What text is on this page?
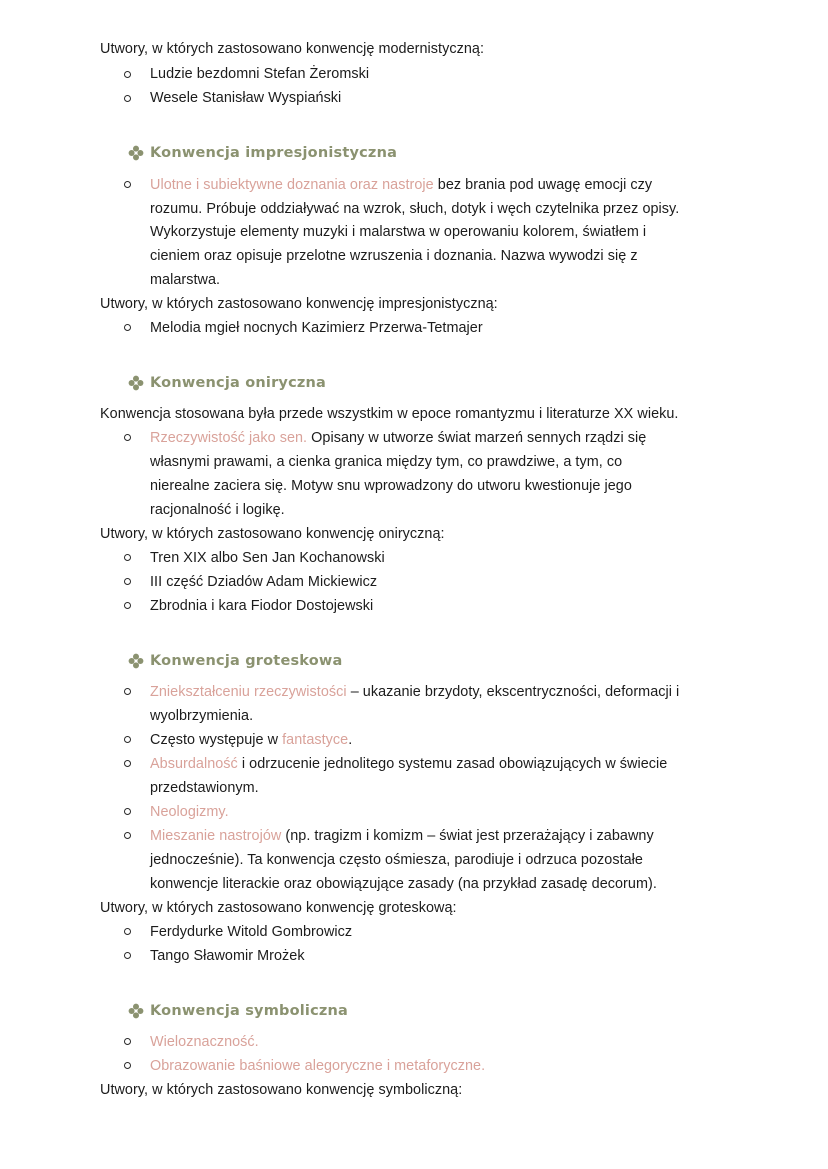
Utwory, w których zastosowano konwencję modernistyczną:
Ludzie bezdomni Stefan Żeromski
Wesele Stanisław Wyspiański
Konwencja impresjonistyczna
Ulotne i subiektywne doznania oraz nastroje bez brania pod uwagę emocji czy
rozumu. Próbuje oddziaływać na wzrok, słuch, dotyk i węch czytelnika przez opisy.
Wykorzystuje elementy muzyki i malarstwa w operowaniu kolorem, światłem i
cieniem oraz opisuje przelotne wzruszenia i doznania. Nazwa wywodzi się z
malarstwa.
Utwory, w których zastosowano konwencję impresjonistyczną:
Melodia mgieł nocnych Kazimierz Przerwa-Tetmajer
Konwencja oniryczna
Konwencja stosowana była przede wszystkim w epoce romantyzmu i literaturze XX wieku.
Rzeczywistość jako sen. Opisany w utworze świat marzeń sennych rządzi się
własnymi prawami, a cienka granica między tym, co prawdziwe, a tym, co
nierealne zaciera się. Motyw snu wprowadzony do utworu kwestionuje jego
racjonalność i logikę.
Utwory, w których zastosowano konwencję oniryczną:
Tren XIX albo Sen Jan Kochanowski
III część Dziadów Adam Mickiewicz
Zbrodnia i kara Fiodor Dostojewski
Konwencja groteskowa
Zniekształceniu rzeczywistości – ukazanie brzydoty, ekscentryczności, deformacji i
wyolbrzymienia.
Często występuje w fantastyce.
Absurdalność i odrzucenie jednolitego systemu zasad obowiązujących w świecie
przedstawionym.
Neologizmy.
Mieszanie nastrojów (np. tragizm i komizm – świat jest przerażający i zabawny
jednocześnie). Ta konwencja często ośmiesza, parodiuje i odrzuca pozostałe
konwencje literackie oraz obowiązujące zasady (na przykład zasadę decorum).
Utwory, w których zastosowano konwencję groteskową:
Ferdydurke Witold Gombrowicz
Tango Sławomir Mrożek
Konwencja symboliczna
Wieloznaczność.
Obrazowanie baśniowe alegoryczne i metaforyczne.
Utwory, w których zastosowano konwencję symboliczną:
